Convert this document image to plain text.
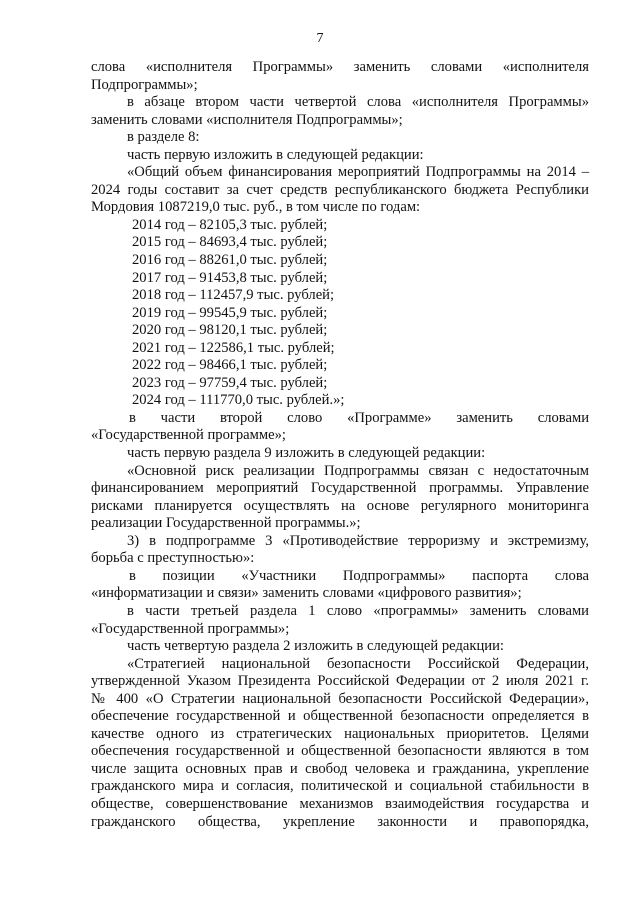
7
слова «исполнителя Программы» заменить словами «исполнителя
Подпрограммы»;
в абзаце втором части четвертой слова «исполнителя Программы»
заменить словами «исполнителя Подпрограммы»;
в разделе 8:
часть первую изложить в следующей редакции:
«Общий объем финансирования мероприятий Подпрограммы на 2014 –
2024 годы составит за счет средств республиканского бюджета Республики
Мордовия 1087219,0 тыс. руб., в том числе по годам:
2014 год – 82105,3 тыс. рублей;
2015 год – 84693,4 тыс. рублей;
2016 год – 88261,0 тыс. рублей;
2017 год – 91453,8 тыс. рублей;
2018 год – 112457,9 тыс. рублей;
2019 год – 99545,9 тыс. рублей;
2020 год – 98120,1 тыс. рублей;
2021 год – 122586,1 тыс. рублей;
2022 год – 98466,1 тыс. рублей;
2023 год – 97759,4 тыс. рублей;
2024 год – 111770,0 тыс. рублей.»;
в части второй слово «Программе» заменить словами
«Государственной программе»;
часть первую раздела 9 изложить в следующей редакции:
«Основной риск реализации Подпрограммы связан с недостаточным
финансированием мероприятий Государственной программы. Управление
рисками планируется осуществлять на основе регулярного мониторинга
реализации Государственной программы.»;
3) в подпрограмме 3 «Противодействие терроризму и экстремизму,
борьба с преступностью»:
в позиции «Участники Подпрограммы» паспорта слова
«информатизации и связи» заменить словами «цифрового развития»;
в части третьей раздела 1 слово «программы» заменить словами
«Государственной программы»;
часть четвертую раздела 2 изложить в следующей редакции:
«Стратегией национальной безопасности Российской Федерации,
утвержденной Указом Президента Российской Федерации от 2 июля 2021 г.
№ 400 «О Стратегии национальной безопасности Российской Федерации»,
обеспечение государственной и общественной безопасности определяется в
качестве одного из стратегических национальных приоритетов. Целями
обеспечения государственной и общественной безопасности являются в том
числе защита основных прав и свобод человека и гражданина, укрепление
гражданского мира и согласия, политической и социальной стабильности в
обществе, совершенствование механизмов взаимодействия государства и
гражданского общества, укрепление законности и правопорядка,
